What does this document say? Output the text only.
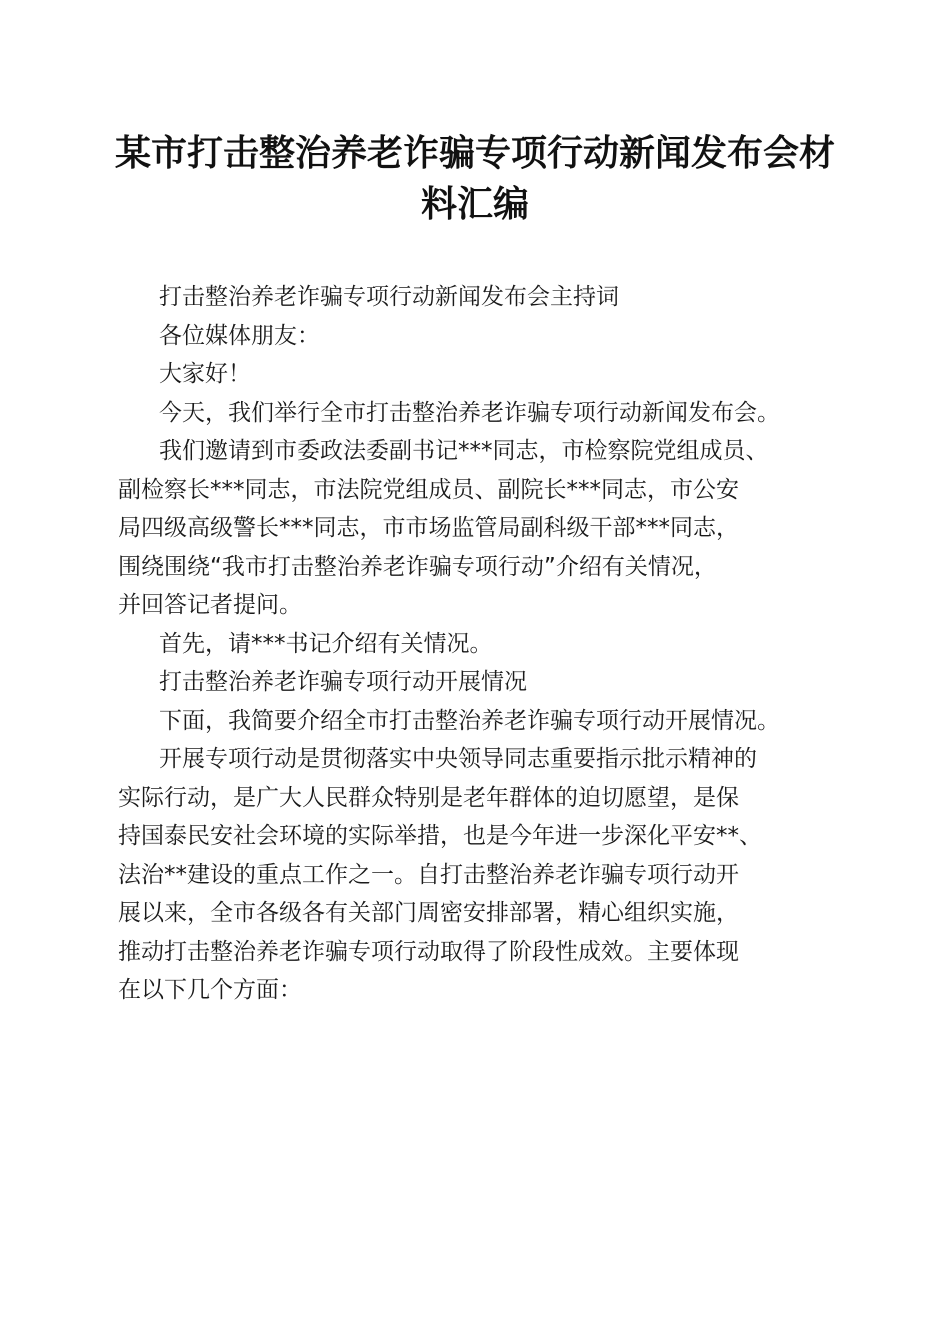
某市打击整治养老诈骗专项行动新闻发布会材
料汇编

打击整治养老诈骗专项行动新闻发布会主持词

各位媒体朋友：

大家好！

今天，我们举行全市打击整治养老诈骗专项行动新闻发布会。

我们邀请到市委政法委副书记***同志，市检察院党组成员、

副检察长***同志，市法院党组成员、副院长***同志，市公安

局四级高级警长***同志，市市场监管局副科级干部***同志，

围绕围绕“我市打击整治养老诈骗专项行动”介绍有关情况，

并回答记者提问。

首先，请***书记介绍有关情况。

打击整治养老诈骗专项行动开展情况

下面，我简要介绍全市打击整治养老诈骗专项行动开展情况。

开展专项行动是贯彻落实中央领导同志重要指示批示精神的

实际行动，是广大人民群众特别是老年群体的迫切愿望，是保

持国泰民安社会环境的实际举措，也是今年进一步深化平安**、

法治**建设的重点工作之一。自打击整治养老诈骗专项行动开

展以来，全市各级各有关部门周密安排部署，精心组织实施，

推动打击整治养老诈骗专项行动取得了阶段性成效。主要体现

在以下几个方面：
